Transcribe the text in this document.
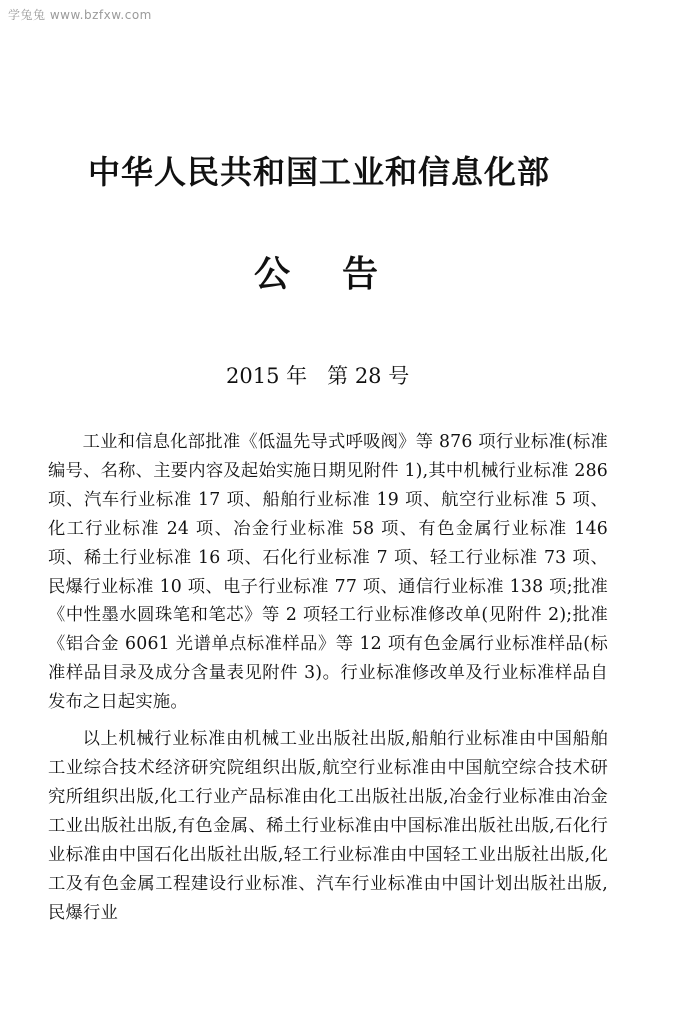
学兔兔 www.bzfxw.com
中华人民共和国工业和信息化部
公告
2015 年   第 28 号

工业和信息化部批准《低温先导式呼吸阀》等 876 项行业标准(标准编号、名称、主要内容及起始实施日期见附件 1),其中机械行业标准 286 项、汽车行业标准 17 项、船舶行业标准 19 项、航空行业标准 5 项、化工行业标准 24 项、冶金行业标准 58 项、有色金属行业标准 146 项、稀土行业标准 16 项、石化行业标准 7 项、轻工行业标准 73 项、民爆行业标准 10 项、电子行业标准 77 项、通信行业标准 138 项;批准《中性墨水圆珠笔和笔芯》等 2 项轻工行业标准修改单(见附件 2);批准《铝合金 6061 光谱单点标准样品》等 12 项有色金属行业标准样品(标准样品目录及成分含量表见附件 3)。行业标准修改单及行业标准样品自发布之日起实施。

以上机械行业标准由机械工业出版社出版,船舶行业标准由中国船舶工业综合技术经济研究院组织出版,航空行业标准由中国航空综合技术研究所组织出版,化工行业产品标准由化工出版社出版,冶金行业标准由冶金工业出版社出版,有色金属、稀土行业标准由中国标准出版社出版,石化行业标准由中国石化出版社出版,轻工行业标准由中国轻工业出版社出版,化工及有色金属工程建设行业标准、汽车行业标准由中国计划出版社出版,民爆行业
